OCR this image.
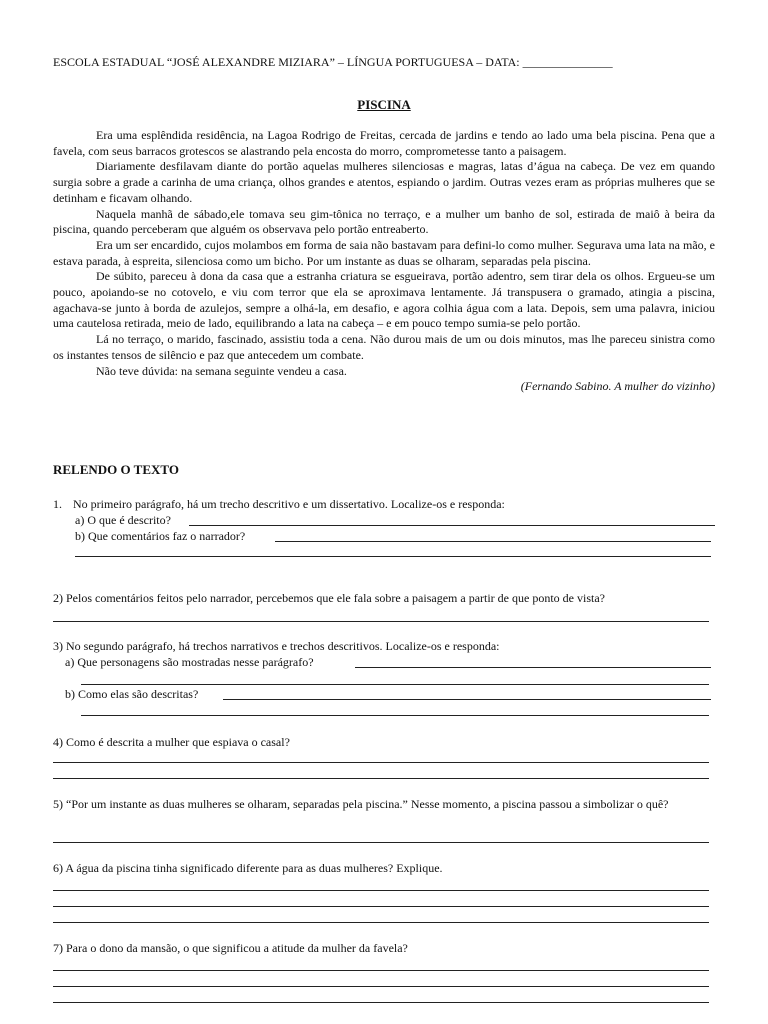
ESCOLA ESTADUAL “JOSÉ ALEXANDRE MIZIARA” – LÍNGUA PORTUGUESA – DATA: _______________
PISCINA

Era uma esplêndida residência, na Lagoa Rodrigo de Freitas, cercada de jardins e tendo ao lado uma bela piscina. Pena que a favela, com seus barracos grotescos se alastrando pela encosta do morro, comprometesse tanto a paisagem.

Diariamente desfilavam diante do portão aquelas mulheres silenciosas e magras, latas d’água na cabeça. De vez em quando surgia sobre a grade a carinha de uma criança, olhos grandes e atentos, espiando o jardim. Outras vezes eram as próprias mulheres que se detinham e ficavam olhando.

Naquela manhã de sábado,ele tomava seu gim-tônica no terraço, e a mulher um banho de sol, estirada de maiô à beira da piscina, quando perceberam que alguém os observava pelo portão entreaberto.

Era um ser encardido, cujos molambos em forma de saia não bastavam para defini-lo como mulher. Segurava uma lata na mão, e estava parada, à espreita, silenciosa como um bicho. Por um instante as duas se olharam, separadas pela piscina.

De súbito, pareceu à dona da casa que a estranha criatura se esgueirava, portão adentro, sem tirar dela os olhos. Ergueu-se um pouco, apoiando-se no cotovelo, e viu com terror que ela se aproximava lentamente. Já transpusera o gramado, atingia a piscina, agachava-se junto à borda de azulejos, sempre a olhá-la, em desafio, e agora colhia água com a lata. Depois, sem uma palavra, iniciou uma cautelosa retirada, meio de lado, equilibrando a lata na cabeça – e em pouco tempo sumia-se pelo portão.

Lá no terraço, o marido, fascinado, assistiu toda a cena. Não durou mais de um ou dois minutos, mas lhe pareceu sinistra como os instantes tensos de silêncio e paz que antecedem um combate.

Não teve dúvida: na semana seguinte vendeu a casa.

(Fernando Sabino. A mulher do vizinho)
RELENDO O TEXTO
1. No primeiro parágrafo, há um trecho descritivo e um dissertativo. Localize-os e responda:
a) O que é descrito?
b) Que comentários faz o narrador?
2) Pelos comentários feitos pelo narrador, percebemos que ele fala sobre a paisagem a partir de que ponto de vista?
3) No segundo parágrafo, há trechos narrativos e trechos descritivos. Localize-os e responda:
a) Que personagens são mostradas nesse parágrafo?
b) Como elas são descritas?
4) Como é descrita a mulher que espiava o casal?
5) “Por um instante as duas mulheres se olharam, separadas pela piscina.” Nesse momento, a piscina passou a simbolizar o quê?
6) A água da piscina tinha significado diferente para as duas mulheres? Explique.
7) Para o dono da mansão, o que significou a atitude da mulher da favela?
